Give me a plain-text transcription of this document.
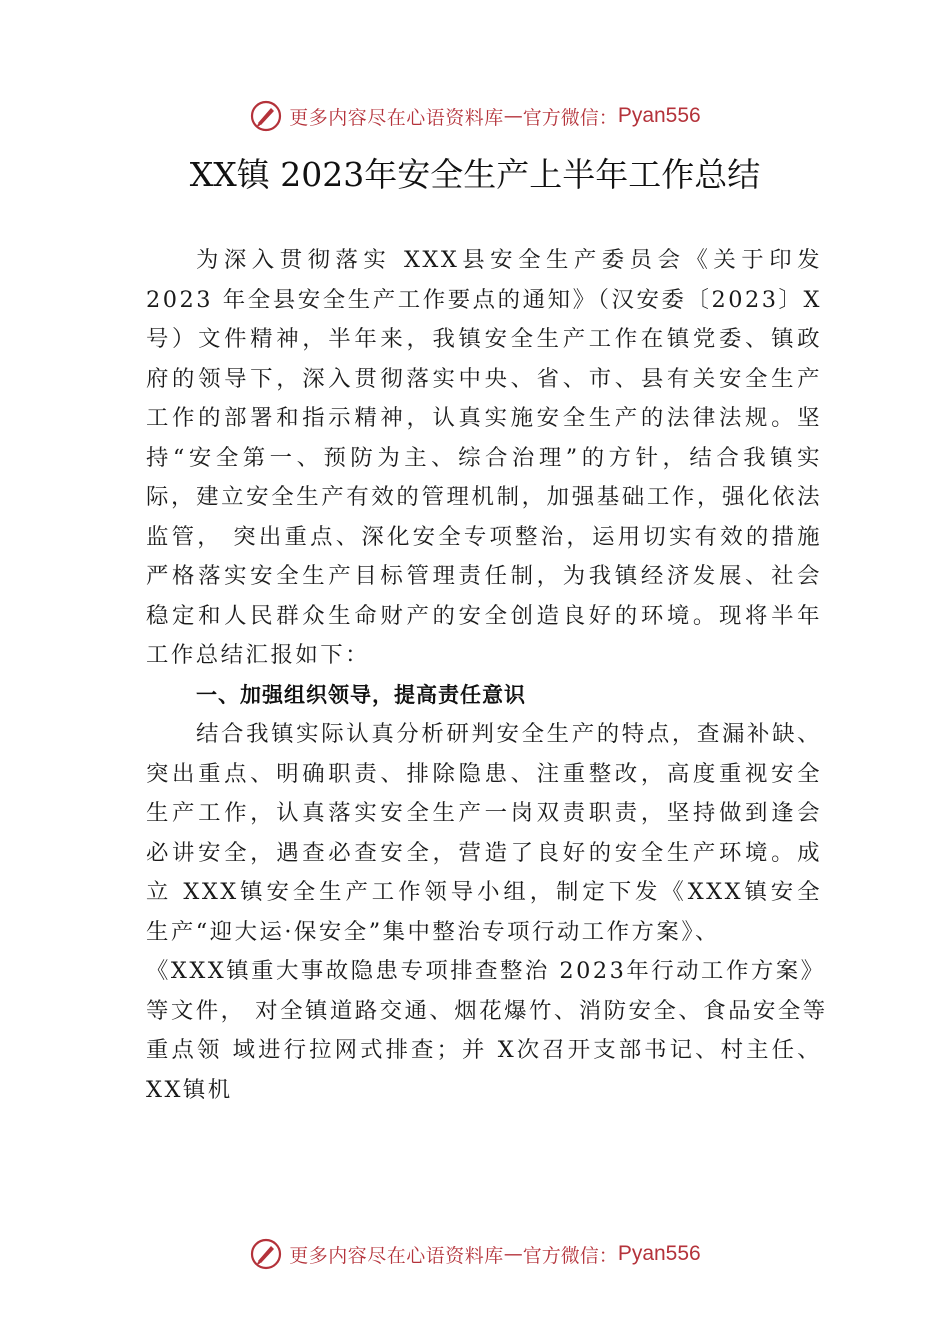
更多内容尽在心语资料库 — 官方微信： Pyan556
XX镇 2023年安全生产上半年工作总结
为深入贯彻落实 XXX县安全生产委员会《关于印发
2023 年全县安全生产工作要点的通知》（汉安委〔2023〕X
号）文件精神，半年来，我镇安全生产工作在镇党委、镇政
府的领导下，深入贯彻落实中央、省、市、县有关安全生产
工作的部署和指示精神，认真实施安全生产的法律法规。坚
持“安全第一、预防为主、综合治理”的方针，结合我镇实
际，建立安全生产有效的管理机制，加强基础工作，强化依法
监管， 突出重点、深化安全专项整治，运用切实有效的措施
严格落实安全生产目标管理责任制，为我镇经济发展、社会
稳定和人民群众生命财产的安全创造良好的环境。现将半年
工作总结汇报如下：
一、加强组织领导，提高责任意识
结合我镇实际认真分析研判安全生产的特点，查漏补缺、
突出重点、明确职责、排除隐患、注重整改，高度重视安全
生产工作，认真落实安全生产一岗双责职责，坚持做到逢会
必讲安全，遇查必查安全，营造了良好的安全生产环境。成
立 XXX镇安全生产工作领导小组，制定下发《XXX镇安全
生产“迎大运·保安全”集中整治专项行动工作方案》、
《XXX镇重大事故隐患专项排查整治 2023年行动工作方案》
等文件， 对全镇道路交通、烟花爆竹、消防安全、食品安全等
重点领 域进行拉网式排查；并 X次召开支部书记、村主任、
XX镇机
更多内容尽在心语资料库 — 官方微信： Pyan556
